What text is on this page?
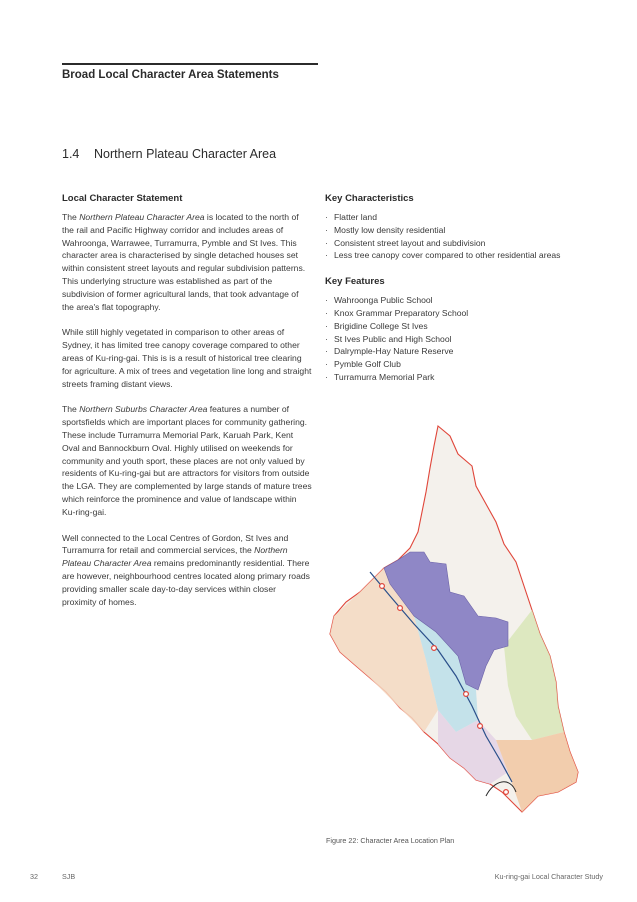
Broad Local Character Area Statements
1.4 Northern Plateau Character Area
Local Character Statement

The Northern Plateau Character Area is located to the north of the rail and Pacific Highway corridor and includes areas of Wahroonga, Warrawee, Turramurra, Pymble and St Ives. This character area is characterised by single detached houses set within consistent street layouts and regular subdivision patterns. This underlying structure was established as part of the subdivision of former agricultural lands, that took advantage of the area's flat topography.

While still highly vegetated in comparison to other areas of Sydney, it has limited tree canopy coverage compared to other areas of Ku-ring-gai. This is is a result of historical tree clearing for agriculture. A mix of trees and vegetation line long and straight streets framing distant views.

The Northern Suburbs Character Area features a number of sportsfields which are important places for community gathering. These include Turramurra Memorial Park, Karuah Park, Kent Oval and Bannockburn Oval. Highly utilised on weekends for community and youth sport, these places are not only valued by residents of Ku-ring-gai but are attractors for visitors from outside the LGA. They are complemented by large stands of mature trees which reinforce the prominence and value of landscape within Ku-ring-gai.

Well connected to the Local Centres of Gordon, St Ives and Turramurra for retail and commercial services, the Northern Plateau Character Area remains predominantly residential. There are however, neighbourhood centres located along primary roads providing smaller scale day-to-day services within closer proximity of homes.

Key Characteristics
· Flatter land
· Mostly low density residential
· Consistent street layout and subdivision
· Less tree canopy cover compared to other residential areas
Key Features
· Wahroonga Public School
· Knox Grammar Preparatory School
· Brigidine College St Ives
· St Ives Public and High School
· Dalrymple-Hay Nature Reserve
· Pymble Golf Club
· Turramurra Memorial Park
Figure 22: Character Area Location Plan
32	SJB	Ku-ring-gai Local Character Study
